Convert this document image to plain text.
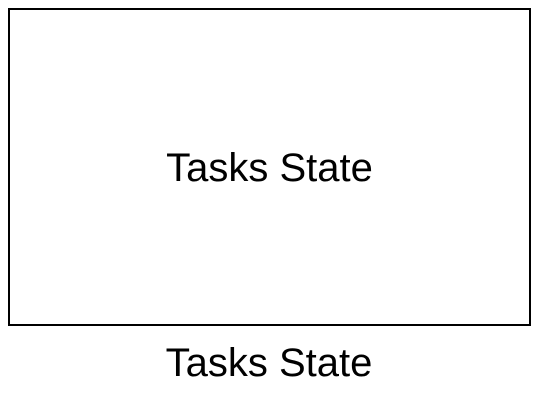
Tasks State
Tasks State
